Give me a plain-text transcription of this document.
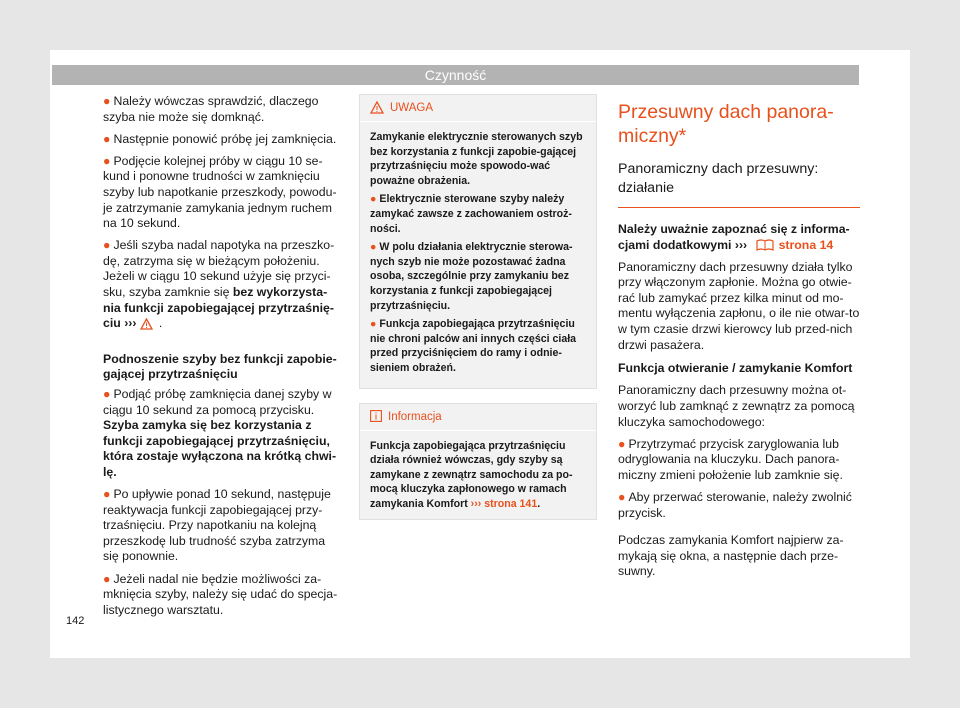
Czynność
● Należy wówczas sprawdzić, dlaczego szyba nie może się domknąć.
● Następnie ponowić próbę jej zamknięcia.
● Podjęcie kolejnej próby w ciągu 10 se-kund i ponowne trudności w zamknięciu szyby lub napotkanie przeszkody, powodu-je zatrzymanie zamykania jednym ruchem na 10 sekund.
● Jeśli szyba nadal napotyka na przeszko-dę, zatrzyma się w bieżącym położeniu. Jeżeli w ciągu 10 sekund użyje się przyci-sku, szyba zamknie się bez wykorzysta-nia funkcji zapobiegającej przytrzaśnię-ciu ››› .
Podnoszenie szyby bez funkcji zapobie-gającej przytrzaśnięciu
● Podjąć próbę zamknięcia danej szyby w ciągu 10 sekund za pomocą przycisku. Szyba zamyka się bez korzystania z funkcji zapobiegającej przytrzaśnięciu, która zostaje wyłączona na krótką chwi-lę.
● Po upływie ponad 10 sekund, następuje reaktywacja funkcji zapobiegającej przy-trzaśnięciu. Przy napotkaniu na kolejną przeszkodę lub trudność szyba zatrzyma się ponownie.
● Jeżeli nadal nie będzie możliwości za-mknięcia szyby, należy się udać do specja-listycznego warsztatu.
UWAGA
Zamykanie elektrycznie sterowanych szyb bez korzystania z funkcji zapobie-gającej przytrzaśnięciu może spowodo-wać poważne obrażenia.
● Elektrycznie sterowane szyby należy zamykać zawsze z zachowaniem ostroż-ności.
● W polu działania elektrycznie sterowa-nych szyb nie może pozostawać żadna osoba, szczególnie przy zamykaniu bez korzystania z funkcji zapobiegającej przytrzaśnięciu.
● Funkcja zapobiegająca przytrzaśnięciu nie chroni palców ani innych części ciała przed przyciśnięciem do ramy i odnie-sieniem obrażeń.
Informacja
Funkcja zapobiegająca przytrzaśnięciu działa również wówczas, gdy szyby są zamykane z zewnątrz samochodu za po-mocą kluczyka zapłonowego w ramach zamykania Komfort ››› strona 141.
Przesuwny dach panora-miczny*
Panoramiczny dach przesuwny: działanie
Należy uważnie zapoznać się z informa-cjami dodatkowymi ›››	strona 14
Panoramiczny dach przesuwny działa tylko przy włączonym zapłonie. Można go otwie-rać lub zamykać przez kilka minut od mo-mentu wyłączenia zapłonu, o ile nie otwar-to w tym czasie drzwi kierowcy lub przed-nich drzwi pasażera.
Funkcja otwieranie / zamykanie Komfort
Panoramiczny dach przesuwny można ot-worzyć lub zamknąć z zewnątrz za pomocą kluczyka samochodowego:
● Przytrzymać przycisk zaryglowania lub odryglowania na kluczyku. Dach panora-miczny zmieni położenie lub zamknie się.
● Aby przerwać sterowanie, należy zwolnić przycisk.
Podczas zamykania Komfort najpierw za-mykają się okna, a następnie dach prze-suwny.
142
